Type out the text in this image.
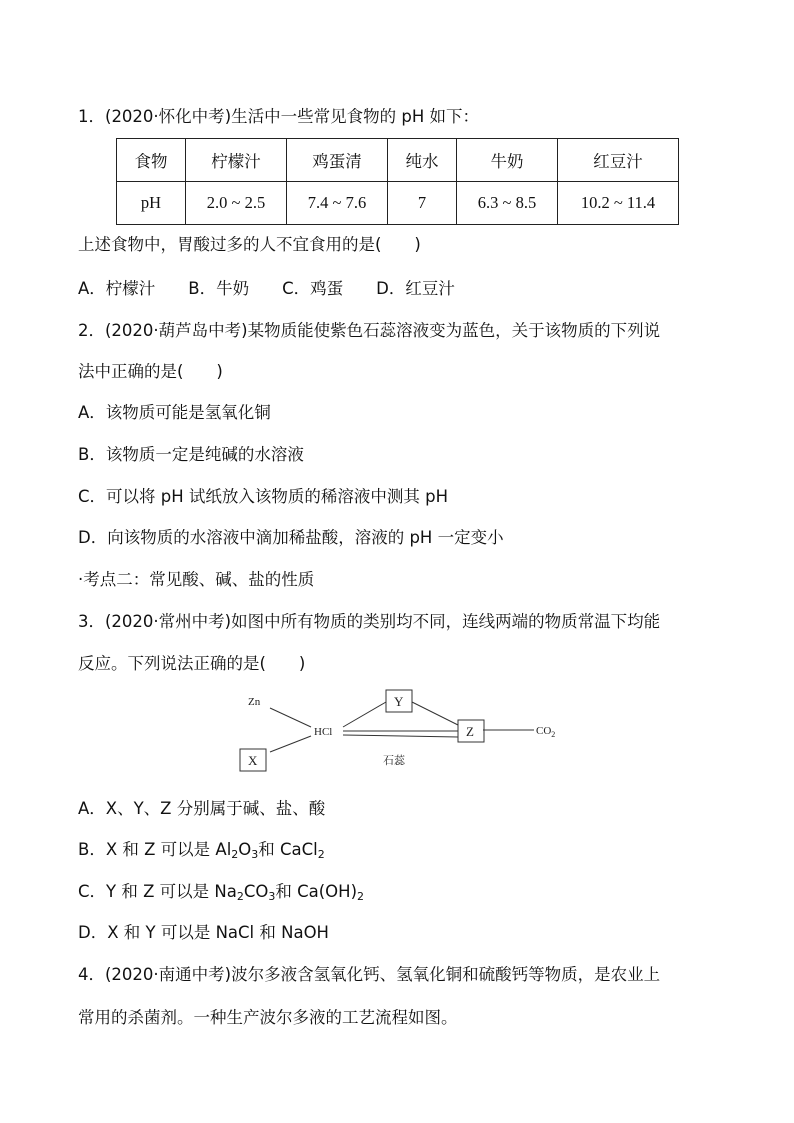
1．(2020·怀化中考)生活中一些常见食物的 pH 如下：
食物	柠檬汁	鸡蛋清	纯水	牛奶	红豆汁
pH	2.0 ~ 2.5	7.4 ~ 7.6	7	6.3 ~ 8.5	10.2 ~ 11.4
上述食物中，胃酸过多的人不宜食用的是(　　)
A．柠檬汁　　B．牛奶　　C．鸡蛋　　D．红豆汁
2．(2020·葫芦岛中考)某物质能使紫色石蕊溶液变为蓝色，关于该物质的下列说
法中正确的是(　　)
A．该物质可能是氢氧化铜
B．该物质一定是纯碱的水溶液
C．可以将 pH 试纸放入该物质的稀溶液中测其 pH
D．向该物质的水溶液中滴加稀盐酸，溶液的 pH 一定变小
·考点二：常见酸、碱、盐的性质
3．(2020·常州中考)如图中所有物质的类别均不同，连线两端的物质常温下均能
反应。下列说法正确的是(　　)
Zn
HCl
Y
Z
X
$CO_2$
石蕊
A．X、Y、Z 分别属于碱、盐、酸
B．X 和 Z 可以是 $Al_2O_3$和 CaCl$_2$
C．Y 和 Z 可以是 $Na_2CO_3$和 $Ca(OH)_2$
D．X 和 Y 可以是 NaCl 和 NaOH
4．(2020·南通中考)波尔多液含氢氧化钙、氢氧化铜和硫酸钙等物质，是农业上
常用的杀菌剂。一种生产波尔多液的工艺流程如图。
